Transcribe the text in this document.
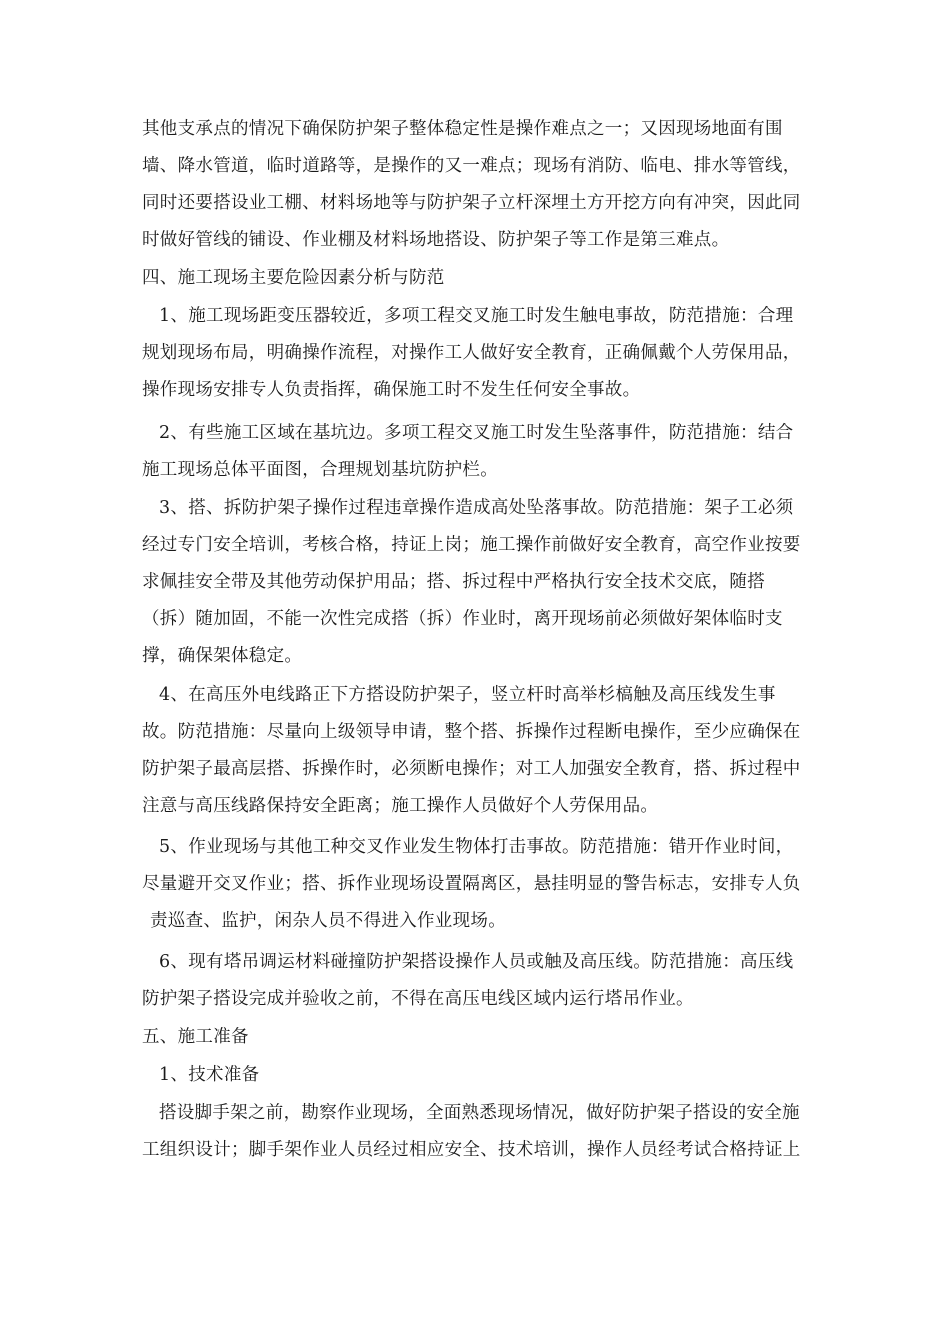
其他支承点的情况下确保防护架子整体稳定性是操作难点之一；又因现场地面有围
墙、降水管道，临时道路等，是操作的又一难点；现场有消防、临电、排水等管线，
同时还要搭设业工棚、材料场地等与防护架子立杆深埋土方开挖方向有冲突，因此同
时做好管线的铺设、作业棚及材料场地搭设、防护架子等工作是第三难点。
四、施工现场主要危险因素分析与防范
1、施工现场距变压器较近，多项工程交叉施工时发生触电事故，防范措施：合理
规划现场布局，明确操作流程，对操作工人做好安全教育，正确佩戴个人劳保用品，
操作现场安排专人负责指挥，确保施工时不发生任何安全事故。
2、有些施工区域在基坑边。多项工程交叉施工时发生坠落事件，防范措施：结合
施工现场总体平面图，合理规划基坑防护栏。
3、搭、拆防护架子操作过程违章操作造成高处坠落事故。防范措施：架子工必须
经过专门安全培训，考核合格，持证上岗；施工操作前做好安全教育，高空作业按要
求佩挂安全带及其他劳动保护用品；搭、拆过程中严格执行安全技术交底，随搭
（拆）随加固，不能一次性完成搭（拆）作业时，离开现场前必须做好架体临时支
撑，确保架体稳定。
4、在高压外电线路正下方搭设防护架子，竖立杆时高举杉槁触及高压线发生事
故。防范措施：尽量向上级领导申请，整个搭、拆操作过程断电操作，至少应确保在
防护架子最高层搭、拆操作时，必须断电操作；对工人加强安全教育，搭、拆过程中
注意与高压线路保持安全距离；施工操作人员做好个人劳保用品。
5、作业现场与其他工种交叉作业发生物体打击事故。防范措施：错开作业时间，
尽量避开交叉作业；搭、拆作业现场设置隔离区，悬挂明显的警告标志，安排专人负
责巡查、监护，闲杂人员不得进入作业现场。
6、现有塔吊调运材料碰撞防护架搭设操作人员或触及高压线。防范措施：高压线
防护架子搭设完成并验收之前，不得在高压电线区域内运行塔吊作业。
五、施工准备
1、技术准备
搭设脚手架之前，勘察作业现场，全面熟悉现场情况，做好防护架子搭设的安全施
工组织设计；脚手架作业人员经过相应安全、技术培训，操作人员经考试合格持证上
